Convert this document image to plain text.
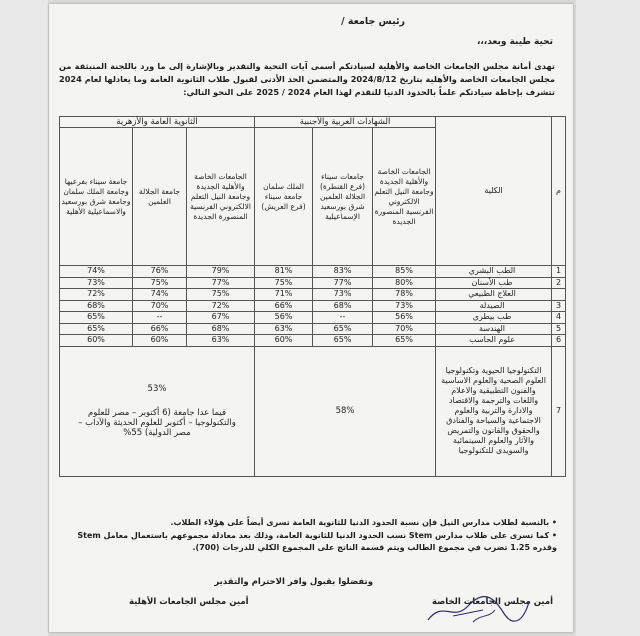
رئيس جامعة /
تحية طيبة وبعد،،،
تهدى أمانة مجلس الجامعات الخاصة والأهلية لسيادتكم أسمى آيات التحية والتقدير وبالإشارة إلى ما ورد باللجنة المنبثقة من مجلس الجامعات الخاصة والأهلية بتاريخ 2024/8/12 والمتضمن الحد الأدنى لقبول طلاب الثانوية العامة وما يعادلها لعام 2024 تتشرف بإحاطة سيادتكم علماً بالحدود الدنيا للتقدم لهذا العام 2024 / 2025 على النحو التالي:
م	الكلية	الشهادات العربية والأجنبية			الثانوية العامة والأزهرية		
		الجامعات الخاصة والأهلية الجديدة وجامعة النيل التعلم الالكتروني الفرنسية المنصورة الجديدة	جامعات سيناء (فرع القنطرة) الجلالة العلمين شرق بورسعيد الإسماعيلية	الملك سلمان جامعة سيناء (فرع العريش)	الجامعات الخاصة والأهلية الجديدة وجامعة النيل التعلم الالكتروني الفرنسية المنصورة الجديدة	جامعة الجلالة العلمين	جامعة سيناء بفرعيها وجامعة الملك سلمان وجامعة شرق بورسعيد والاسماعيلية الأهلية
1	الطب البشري	85%	83%	81%	79%	76%	74%
2	طب الأسنان	80%	77%	75%	77%	75%	73%
	العلاج الطبيعي	78%	73%	71%	75%	74%	72%
3	الصيدلة	73%	68%	66%	72%	70%	68%
4	طب بيطري	56%	--	56%	67%	--	65%
5	الهندسة	70%	65%	63%	68%	66%	65%
6	علوم الحاسب	65%	65%	60%	63%	60%	60%
7	التكنولوجيا الحيوية وتكنولوجيا العلوم الصحية والعلوم الاساسية والفنون التطبيقية والاعلام واللغات والترجمة والاقتصاد والادارة والتربية والعلوم الاجتماعية والسياحة والفنادق والحقوق والقانون والتمريض والآثار والعلوم السينمائية والسويدى للتكنولوجيا	58%			53%
فيما عدا جامعة (6 أكتوبر – مصر للعلوم والتكنولوجيا – أكتوبر للعلوم الحديثة والآداب – مصر الدولية) 55%		
• بالنسبة لطلاب مدارس النيل فإن نسبة الحدود الدنيا للثانوية العامة تسرى أيضاً على هؤلاء الطلاب.
• كما تسرى على طلاب مدارس Stem نسب الحدود الدنيا للثانوية العامة، وذلك بعد معادلة مجموعهم باستعمال معامل Stem وقدره 1.25 تضرب في مجموع الطالب ويتم قسمة الناتج على المجموع الكلي للدرجات (700).
وتفضلوا بقبول وافر الاحترام والتقدير
أمين مجلس الجامعات الخاصة
أمين مجلس الجامعات الأهلية
